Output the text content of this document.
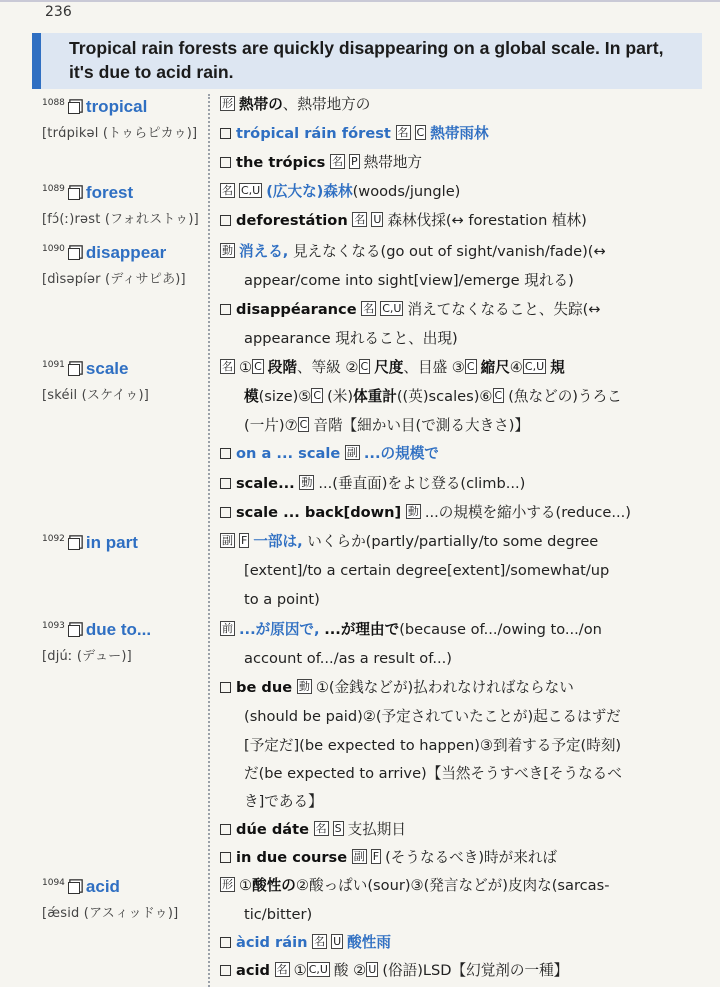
236
Tropical rain forests are quickly disappearing on a global scale. In part, it's due to acid rain.
1088 tropical
[trɑ́pikəl (トゥらピカゥ)]
形 熱帯の、熱帯地方の
trópical ráin fórest 名 C 熱帯雨林
the trópics 名 P 熱帯地方
1089 forest
[fɔ́(ː)rəst (フォれストゥ)]
名 C,U (広大な)森林(woods/jungle)
deforestátion 名 U 森林伐採(↔ forestation 植林)
1090 disappear
[dìsəpíər (ディサピあ)]
動 消える, 見えなくなる(go out of sight/vanish/fade)(↔
appear/come into sight[view]/emerge 現れる)
disappéarance 名 C,U 消えてなくなること、失踪(↔
appearance 現れること、出現)
1091 scale
[skéil (スケイゥ)]
名 ① C 段階、等級 ② C 尺度、目盛 ③ C 縮尺④ C,U 規
模(size)⑤ C (米)体重計((英)scales)⑥ C (魚などの)うろこ
(一片)⑦ C 音階【細かい目(で測る大きさ)】
on a ... scale 副 ...の規模で
scale... 動 ...(垂直面)をよじ登る(climb...)
scale ... back[down] 動 ...の規模を縮小する(reduce...)
1092 in part	副 F 一部は, いくらか(partly/partially/to some degree
[extent]/to a certain degree[extent]/somewhat/up
to a point)
1093 due to...
[djúː (デュー)]
前 ...が原因で, ...が理由で(because of.../owing to.../on
account of.../as a result of...)
be due 動 ①(金銭などが)払われなければならない
(should be paid)②(予定されていたことが)起こるはずだ
[予定だ](be expected to happen)③到着する予定(時刻)
だ(be expected to arrive)【当然そうすべき[そうなるべ
き]である】
dúe dáte 名 S 支払期日
in due course 副 F (そうなるべき)時が来れば
1094 acid
[ǽsid (アスィッドゥ)]
形 ①酸性の②酸っぱい(sour)③(発言などが)皮肉な(sarcas-
tic/bitter)
àcid ráin 名 U 酸性雨
acid 名 ① C,U 酸 ② U (俗語)LSD【幻覚剤の一種】
